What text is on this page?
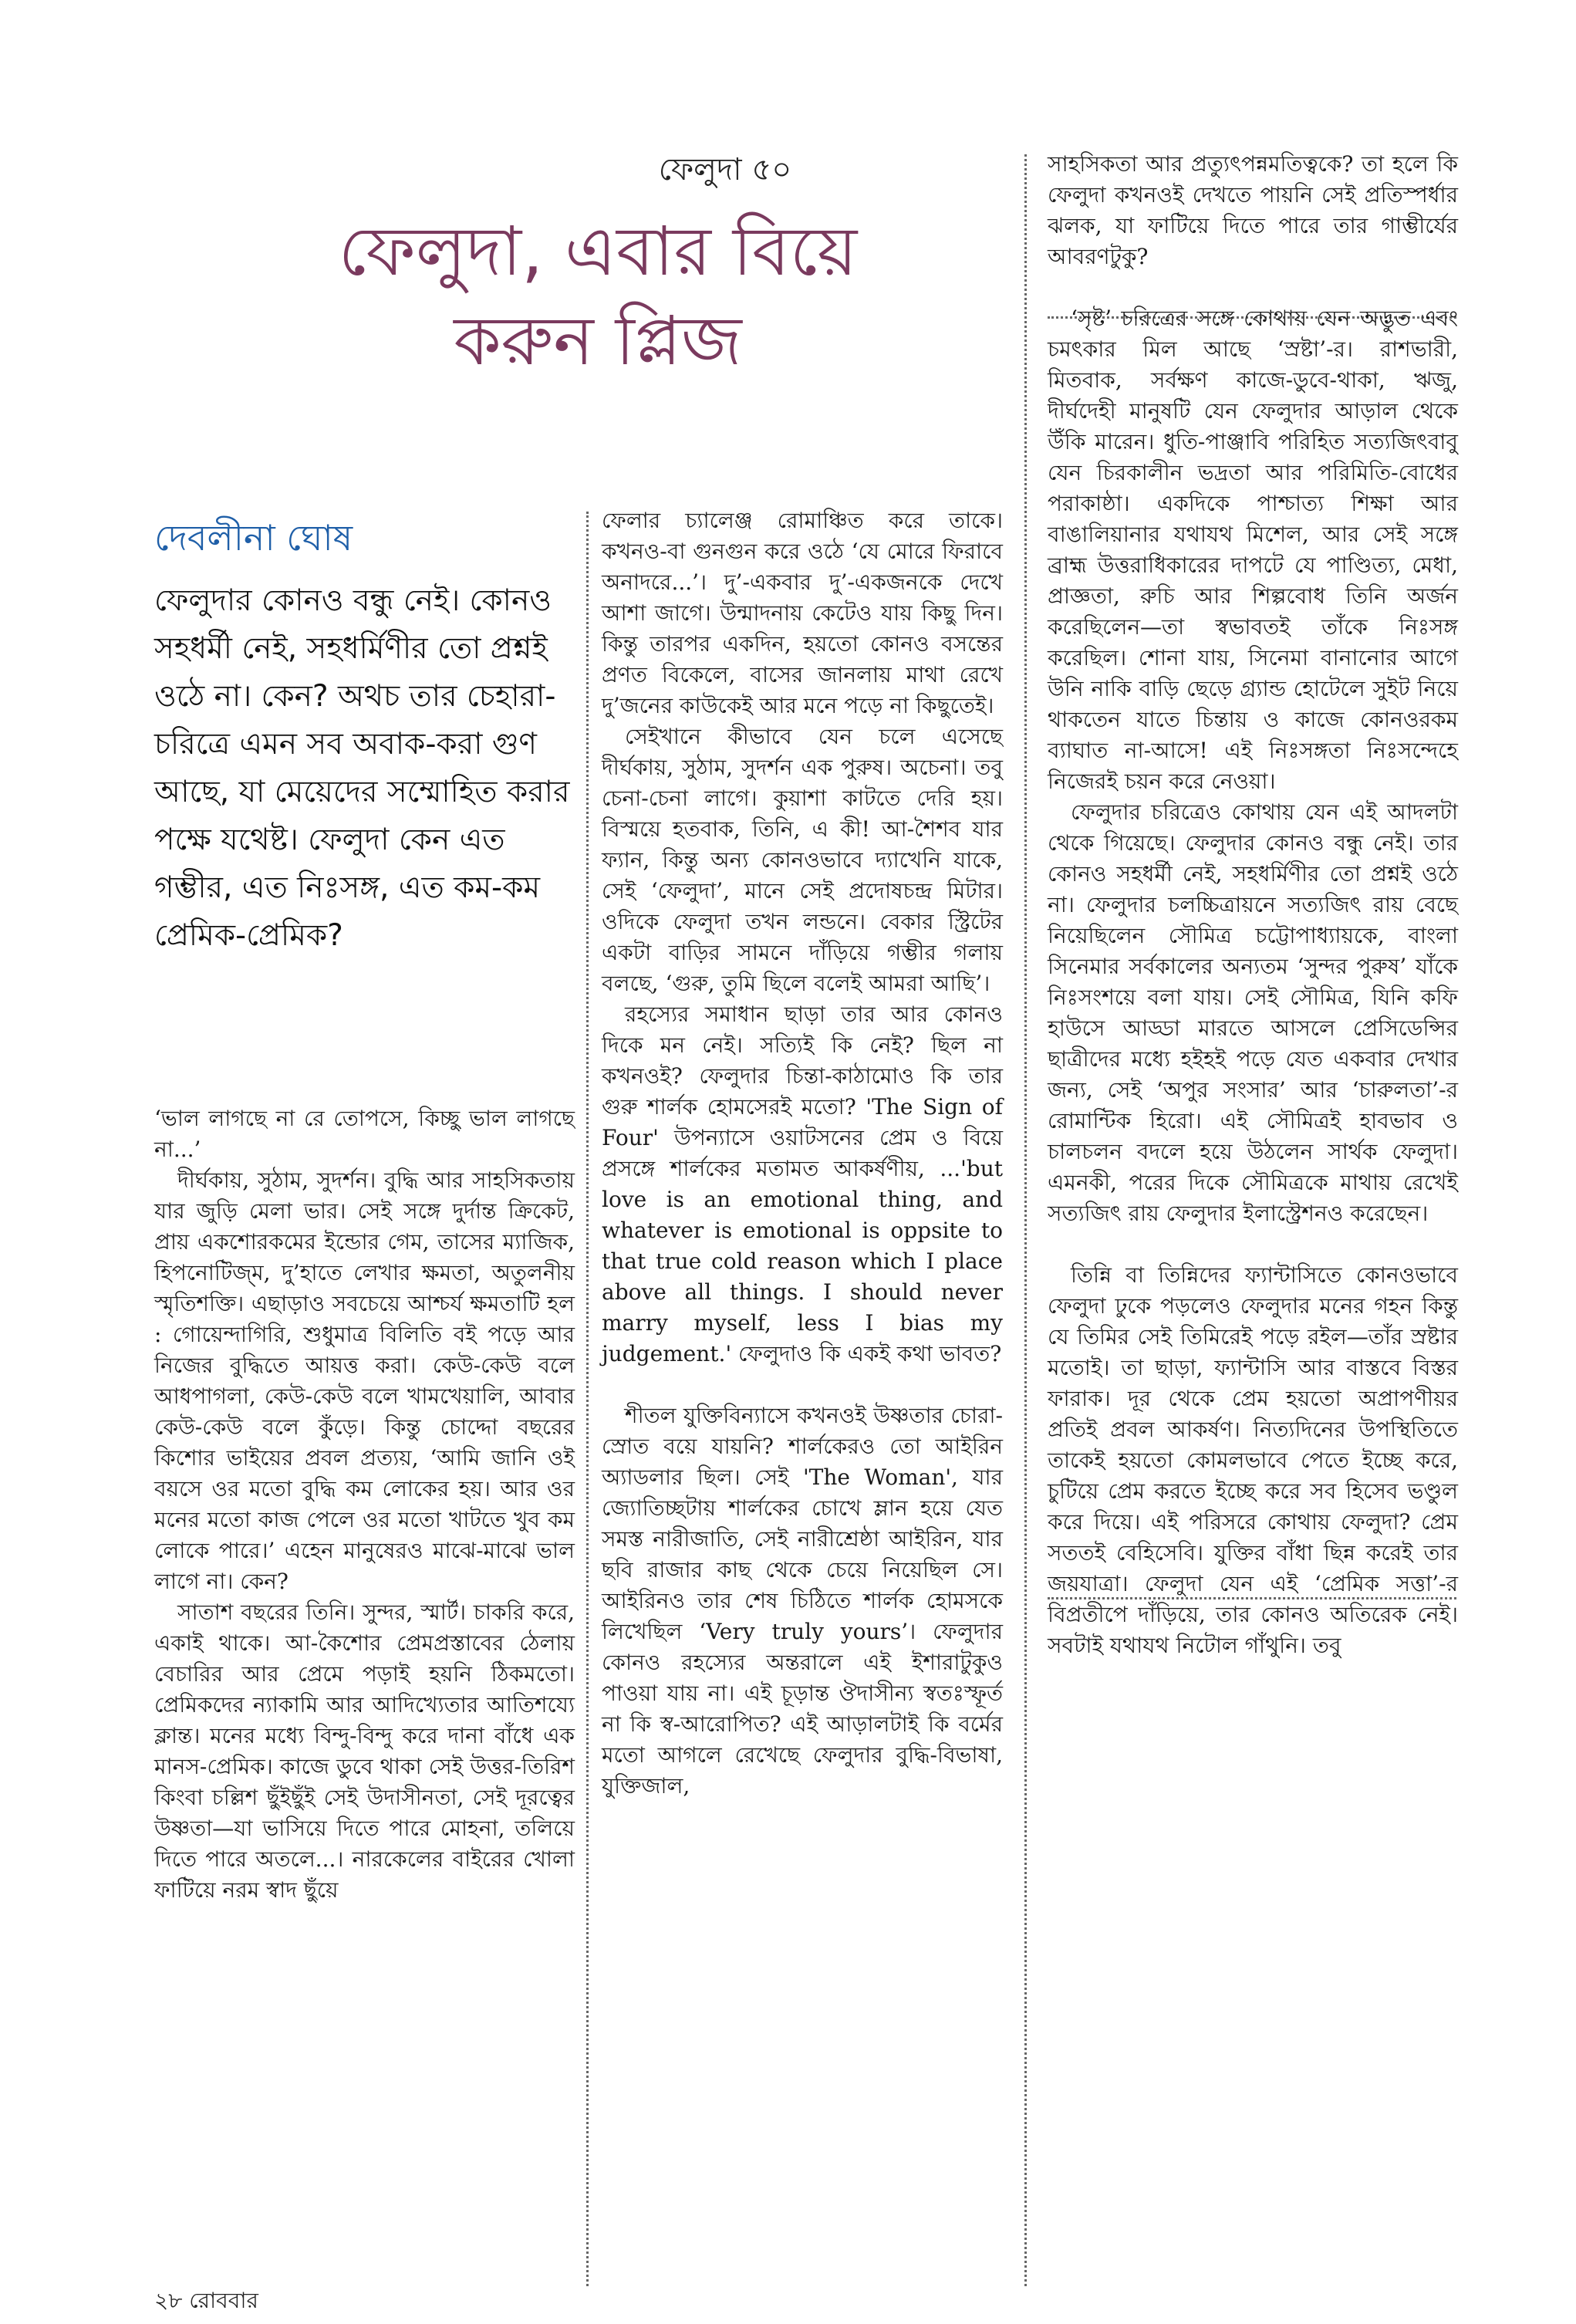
ফেলুদা ৫০
ফেলুদা, এবার বিয়ে
করুন প্লিজ
দেবলীনা ঘোষ
ফেলুদার কোনও বন্ধু নেই। কোনও সহধর্মী নেই, সহধর্মিণীর তো প্রশ্নই ওঠে না। কেন? অথচ তার চেহারা-চরিত্রে এমন সব অবাক-করা গুণ আছে, যা মেয়েদের সম্মোহিত করার পক্ষে যথেষ্ট। ফেলুদা কেন এত গম্ভীর, এত নিঃসঙ্গ, এত কম-কম প্রেমিক-প্রেমিক?

‘ভাল লাগছে না রে তোপসে, কিচ্ছু ভাল লাগছে না...’

দীর্ঘকায়, সুঠাম, সুদর্শন। বুদ্ধি আর সাহসিকতায় যার জুড়ি মেলা ভার। সেই সঙ্গে দুর্দান্ত ক্রিকেট, প্রায় একশোরকমের ইন্ডোর গেম, তাসের ম্যাজিক, হিপনোটিজ্‌ম, দু’হাতে লেখার ক্ষমতা, অতুলনীয় স্মৃতিশক্তি। এছাড়াও সবচেয়ে আশ্চর্য ক্ষমতাটি হল : গোয়েন্দাগিরি, শুধুমাত্র বিলিতি বই পড়ে আর নিজের বুদ্ধিতে আয়ত্ত করা। কেউ-কেউ বলে আধপাগলা, কেউ-কেউ বলে খামখেয়ালি, আবার কেউ-কেউ বলে কুঁড়ে। কিন্তু চোদ্দো বছরের কিশোর ভাইয়ের প্রবল প্রত্যয়, ‘আমি জানি ওই বয়সে ওর মতো বুদ্ধি কম লোকের হয়। আর ওর মনের মতো কাজ পেলে ওর মতো খাটতে খুব কম লোকে পারে।’ এহেন মানুষেরও মাঝে-মাঝে ভাল লাগে না। কেন?

সাতাশ বছরের তিনি। সুন্দর, স্মার্ট। চাকরি করে, একাই থাকে। আ-কৈশোর প্রেমপ্রস্তাবের ঠেলায় বেচারির আর প্রেমে পড়াই হয়নি ঠিকমতো। প্রেমিকদের ন্যাকামি আর আদিখ্যেতার আতিশয্যে ক্লান্ত। মনের মধ্যে বিন্দু-বিন্দু করে দানা বাঁধে এক মানস-প্রেমিক। কাজে ডুবে থাকা সেই উত্তর-তিরিশ কিংবা চল্লিশ ছুঁইছুঁই সেই উদাসীনতা, সেই দূরত্বের উষ্ণতা—যা ভাসিয়ে দিতে পারে মোহনা, তলিয়ে দিতে পারে অতলে...। নারকেলের বাইরের খোলা ফাটিয়ে নরম স্বাদ ছুঁয়ে

ফেলার চ্যালেঞ্জ রোমাঞ্চিত করে তাকে। কখনও-বা গুনগুন করে ওঠে ‘যে মোরে ফিরাবে অনাদরে...’। দু’-একবার দু’-একজনকে দেখে আশা জাগে। উন্মাদনায় কেটেও যায় কিছু দিন। কিন্তু তারপর একদিন, হয়তো কোনও বসন্তের প্রণত বিকেলে, বাসের জানলায় মাথা রেখে দু’জনের কাউকেই আর মনে পড়ে না কিছুতেই।

সেইখানে কীভাবে যেন চলে এসেছে দীর্ঘকায়, সুঠাম, সুদর্শন এক পুরুষ। অচেনা। তবু চেনা-চেনা লাগে। কুয়াশা কাটতে দেরি হয়। বিস্ময়ে হতবাক, তিনি, এ কী! আ-শৈশব যার ফ্যান, কিন্তু অন্য কোনওভাবে দ্যাখেনি যাকে, সেই ‘ফেলুদা’, মানে সেই প্রদোষচন্দ্র মিটার। ওদিকে ফেলুদা তখন লন্ডনে। বেকার স্ট্রিটের একটা বাড়ির সামনে দাঁড়িয়ে গম্ভীর গলায় বলছে, ‘গুরু, তুমি ছিলে বলেই আমরা আছি’।

রহস্যের সমাধান ছাড়া তার আর কোনও দিকে মন নেই। সত্যিই কি নেই? ছিল না কখনওই? ফেলুদার চিন্তা-কাঠামোও কি তার গুরু শার্লক হোমসেরই মতো? 'The Sign of Four' উপন্যাসে ওয়াটসনের প্রেম ও বিয়ে প্রসঙ্গে শার্লকের মতামত আকর্ষণীয়, ...'but love is an emotional thing, and whatever is emotional is oppsite to that true cold reason which I place above all things. I should never marry myself, less I bias my judgement.' ফেলুদাও কি একই কথা ভাবত?

শীতল যুক্তিবিন্যাসে কখনওই উষ্ণতার চোরা-স্রোত বয়ে যায়নি? শার্লকেরও তো আইরিন অ্যাডলার ছিল। সেই 'The Woman', যার জ্যোতিচ্ছটায় শার্লকের চোখে ম্লান হয়ে যেত সমস্ত নারীজাতি, সেই নারীশ্রেষ্ঠা আইরিন, যার ছবি রাজার কাছ থেকে চেয়ে নিয়েছিল সে। আইরিনও তার শেষ চিঠিতে শার্লক হোমসকে লিখেছিল ‘Very truly yours’। ফেলুদার কোনও রহস্যের অন্তরালে এই ইশারাটুকুও পাওয়া যায় না। এই চূড়ান্ত ঔদাসীন্য স্বতঃস্ফূর্ত না কি স্ব-আরোপিত? এই আড়ালটাই কি বর্মের মতো আগলে রেখেছে ফেলুদার বুদ্ধি-বিভাষা, যুক্তিজাল,

সাহসিকতা আর প্রত্যুৎপন্নমতিত্বকে? তা হলে কি ফেলুদা কখনওই দেখতে পায়নি সেই প্রতিস্পর্ধার ঝলক, যা ফাটিয়ে দিতে পারে তার গাম্ভীর্যের আবরণটুকু?

‘সৃষ্ট’ চরিত্রের সঙ্গে কোথায় যেন অদ্ভুত এবং চমৎকার মিল আছে ‘স্রষ্টা’-র। রাশভারী, মিতবাক, সর্বক্ষণ কাজে-ডুবে-থাকা, ঋজু, দীর্ঘদেহী মানুষটি যেন ফেলুদার আড়াল থেকে উঁকি মারেন। ধুতি-পাঞ্জাবি পরিহিত সত্যজিৎবাবু যেন চিরকালীন ভদ্রতা আর পরিমিতি-বোধের পরাকাষ্ঠা। একদিকে পাশ্চাত্য শিক্ষা আর বাঙালিয়ানার যথাযথ মিশেল, আর সেই সঙ্গে ব্রাহ্ম উত্তরাধিকারের দাপটে যে পাণ্ডিত্য, মেধা, প্রাজ্ঞতা, রুচি আর শিল্পবোধ তিনি অর্জন করেছিলেন—তা স্বভাবতই তাঁকে নিঃসঙ্গ করেছিল। শোনা যায়, সিনেমা বানানোর আগে উনি নাকি বাড়ি ছেড়ে গ্র্যান্ড হোটেলে সুইট নিয়ে থাকতেন যাতে চিন্তায় ও কাজে কোনওরকম ব্যাঘাত না-আসে! এই নিঃসঙ্গতা নিঃসন্দেহে নিজেরই চয়ন করে নেওয়া।

ফেলুদার চরিত্রেও কোথায় যেন এই আদলটা থেকে গিয়েছে। ফেলুদার কোনও বন্ধু নেই। তার কোনও সহধর্মী নেই, সহধর্মিণীর তো প্রশ্নই ওঠে না। ফেলুদার চলচ্চিত্রায়নে সত্যজিৎ রায় বেছে নিয়েছিলেন সৌমিত্র চট্টোপাধ্যায়কে, বাংলা সিনেমার সর্বকালের অন্যতম ‘সুন্দর পুরুষ’ যাঁকে নিঃসংশয়ে বলা যায়। সেই সৌমিত্র, যিনি কফি হাউসে আড্ডা মারতে আসলে প্রেসিডেন্সির ছাত্রীদের মধ্যে হইহই পড়ে যেত একবার দেখার জন্য, সেই ‘অপুর সংসার’ আর ‘চারুলতা’-র রোমান্টিক হিরো। এই সৌমিত্রই হাবভাব ও চালচলন বদলে হয়ে উঠলেন সার্থক ফেলুদা। এমনকী, পরের দিকে সৌমিত্রকে মাথায় রেখেই সত্যজিৎ রায় ফেলুদার ইলাস্ট্রেশনও করেছেন।

তিন্নি বা তিন্নিদের ফ্যান্টাসিতে কোনওভাবে ফেলুদা ঢুকে পড়লেও ফেলুদার মনের গহন কিন্তু যে তিমির সেই তিমিরেই পড়ে রইল—তাঁর স্রষ্টার মতোই। তা ছাড়া, ফ্যান্টাসি আর বাস্তবে বিস্তর ফারাক। দূর থেকে প্রেম হয়তো অপ্রাপণীয়র প্রতিই প্রবল আকর্ষণ। নিত্যদিনের উপস্থিতিতে তাকেই হয়তো কোমলভাবে পেতে ইচ্ছে করে, চুটিয়ে প্রেম করতে ইচ্ছে করে সব হিসেব ভণ্ডুল করে দিয়ে। এই পরিসরে কোথায় ফেলুদা? প্রেম সততই বেহিসেবি। যুক্তির বাঁধা ছিন্ন করেই তার জয়যাত্রা। ফেলুদা যেন এই ‘প্রেমিক সত্তা’-র বিপ্রতীপে দাঁড়িয়ে, তার কোনও অতিরেক নেই। সবটাই যথাযথ নিটোল গাঁথুনি। তবু

২৮ রোববার
